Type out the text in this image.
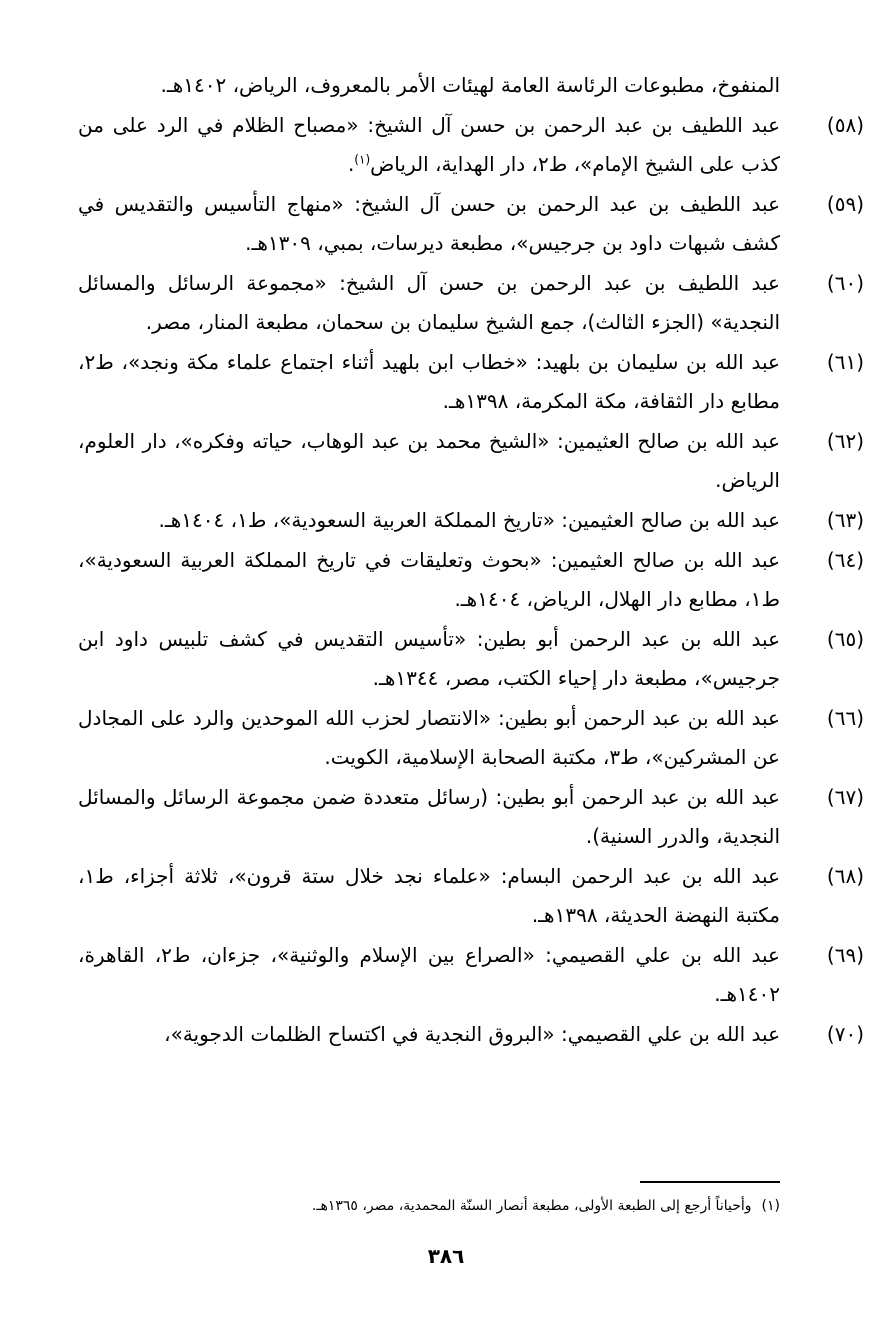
المنفوخ، مطبوعات الرئاسة العامة لهيئات الأمر بالمعروف، الرياض، ١٤٠٢هـ.
(٥٨)
عبد اللطيف بن عبد الرحمن بن حسن آل الشيخ: «مصباح الظلام في الرد على من كذب على الشيخ الإمام»، ط٢، دار الهداية، الرياض$^{(١)}$.
(٥٩)
عبد اللطيف بن عبد الرحمن بن حسن آل الشيخ: «منهاج التأسيس والتقديس في كشف شبهات داود بن جرجيس»، مطبعة ديرسات، بمبي، ١٣٠٩هـ.
(٦٠)
عبد اللطيف بن عبد الرحمن بن حسن آل الشيخ: «مجموعة الرسائل والمسائل النجدية» (الجزء الثالث)، جمع الشيخ سليمان بن سحمان، مطبعة المنار، مصر.
(٦١)
عبد الله بن سليمان بن بلهيد: «خطاب ابن بلهيد أثناء اجتماع علماء مكة ونجد»، ط٢، مطابع دار الثقافة، مكة المكرمة، ١٣٩٨هـ.
(٦٢)
عبد الله بن صالح العثيمين: «الشيخ محمد بن عبد الوهاب، حياته وفكره»، دار العلوم، الرياض.
(٦٣)
عبد الله بن صالح العثيمين: «تاريخ المملكة العربية السعودية»، ط١، ١٤٠٤هـ.
(٦٤)
عبد الله بن صالح العثيمين: «بحوث وتعليقات في تاريخ المملكة العربية السعودية»، ط١، مطابع دار الهلال، الرياض، ١٤٠٤هـ.
(٦٥)
عبد الله بن عبد الرحمن أبو بطين: «تأسيس التقديس في كشف تلبيس داود ابن جرجيس»، مطبعة دار إحياء الكتب، مصر، ١٣٤٤هـ.
(٦٦)
عبد الله بن عبد الرحمن أبو بطين: «الانتصار لحزب الله الموحدين والرد على المجادل عن المشركين»، ط٣، مكتبة الصحابة الإسلامية، الكويت.
(٦٧)
عبد الله بن عبد الرحمن أبو بطين: (رسائل متعددة ضمن مجموعة الرسائل والمسائل النجدية، والدرر السنية).
(٦٨)
عبد الله بن عبد الرحمن البسام: «علماء نجد خلال ستة قرون»، ثلاثة أجزاء، ط١، مكتبة النهضة الحديثة، ١٣٩٨هـ.
(٦٩)
عبد الله بن علي القصيمي: «الصراع بين الإسلام والوثنية»، جزءان، ط٢، القاهرة، ١٤٠٢هـ.
(٧٠)
عبد الله بن علي القصيمي: «البروق النجدية في اكتساح الظلمات الدجوية»،
(١)وأحياناً أرجع إلى الطبعة الأولى، مطبعة أنصار السنّة المحمدية، مصر، ١٣٦٥هـ.
٣٨٦
